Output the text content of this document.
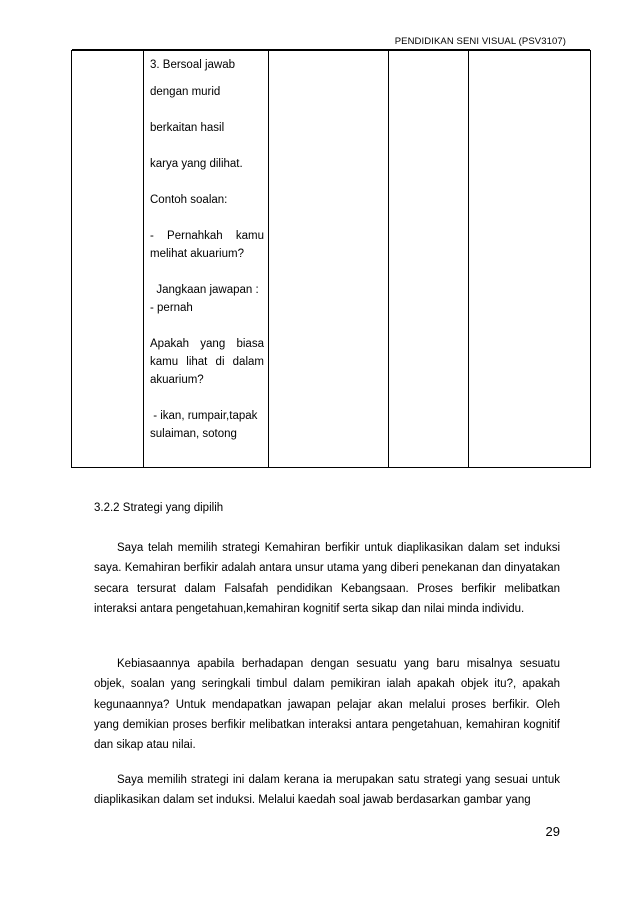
PENDIDIKAN SENI VISUAL (PSV3107)

3. Bersoal jawab

dengan murid

berkaitan hasil

karya yang dilihat.

Contoh soalan:

- Pernahkah kamu

melihat akuarium?

Jangkaan jawapan :

- pernah

Apakah yang biasa
kamu lihat di dalam

akuarium?

- ikan, rumpair,tapak

sulaiman, sotong

3.2.2 Strategi yang dipilih
Saya telah memilih strategi Kemahiran berfikir untuk diaplikasikan dalam set induksi saya. Kemahiran berfikir adalah antara unsur utama yang diberi penekanan dan dinyatakan secara tersurat dalam Falsafah pendidikan Kebangsaan. Proses berfikir melibatkan interaksi antara pengetahuan,kemahiran kognitif serta sikap dan nilai minda individu.
Kebiasaannya apabila berhadapan dengan sesuatu yang baru misalnya sesuatu objek, soalan yang seringkali timbul dalam pemikiran ialah apakah objek itu?, apakah kegunaannya? Untuk mendapatkan jawapan pelajar akan melalui proses berfikir. Oleh yang demikian proses berfikir melibatkan interaksi antara pengetahuan, kemahiran kognitif dan sikap atau nilai.
Saya memilih strategi ini dalam kerana ia merupakan satu strategi yang sesuai untuk diaplikasikan dalam set induksi. Melalui kaedah soal jawab berdasarkan gambar yang
29
